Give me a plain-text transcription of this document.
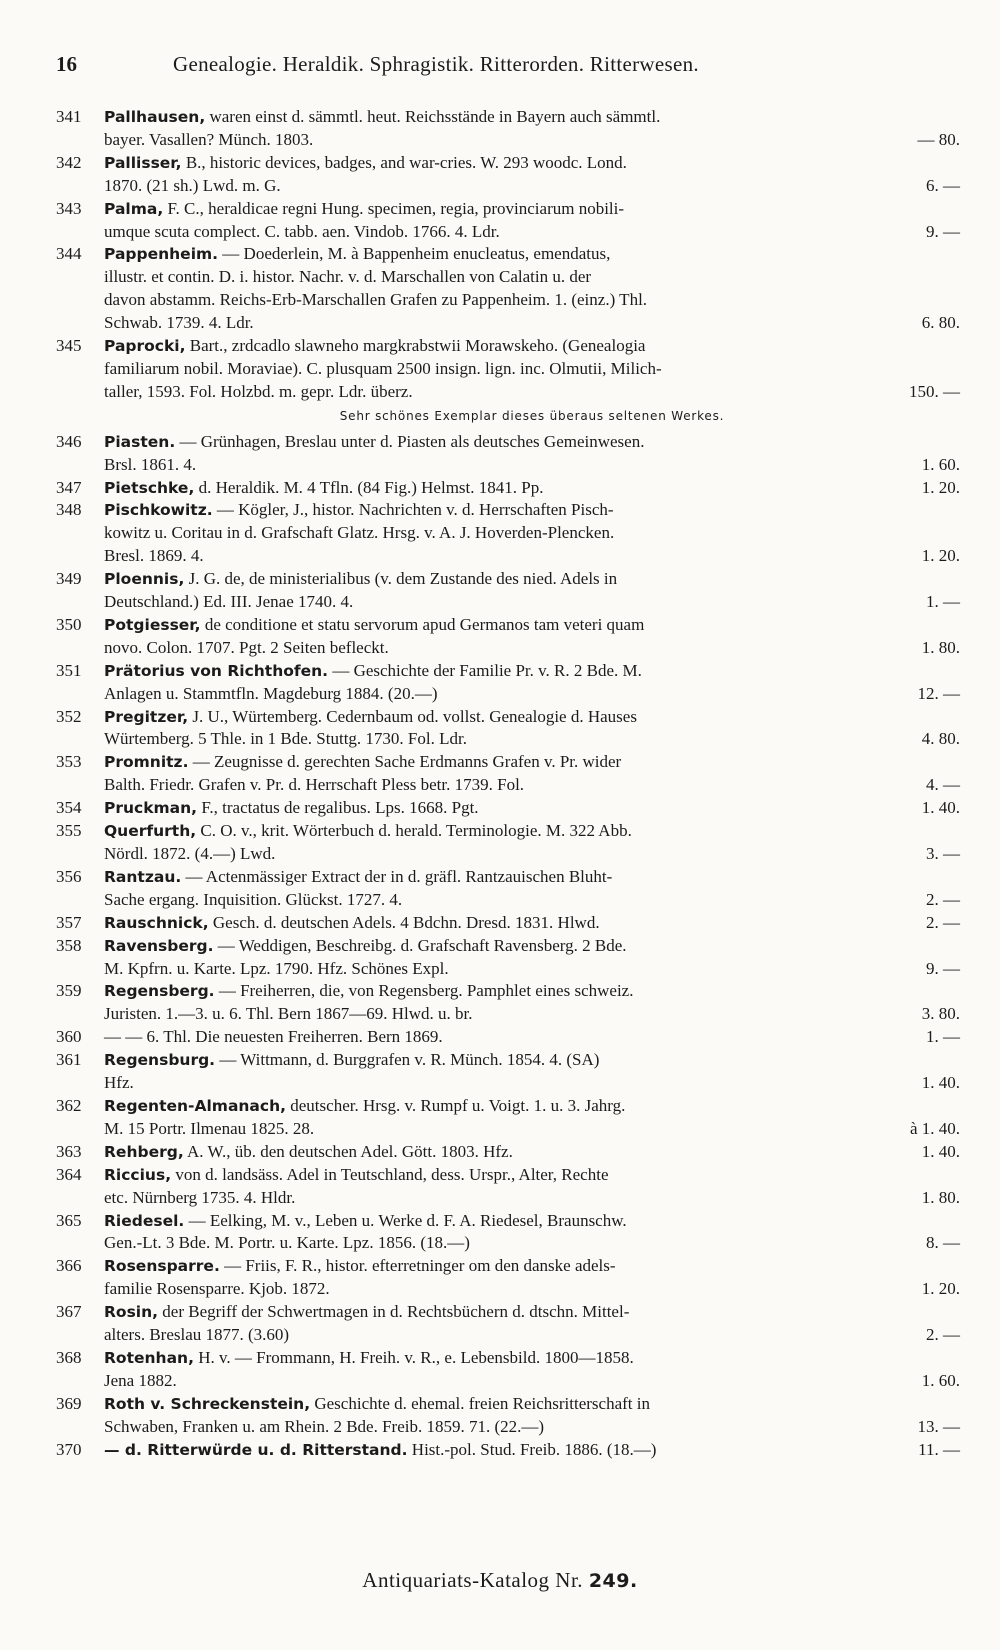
16	Genealogie. Heraldik. Sphragistik. Ritterorden. Ritterwesen.
341	Pallhausen, waren einst d. sämmtl. heut. Reichsstände in Bayern auch sämmtl.
bayer. Vasallen? Münch. 1803.	— 80.
342	Pallisser, B., historic devices, badges, and war-cries. W. 293 woodc. Lond.
1870. (21 sh.) Lwd. m. G.	6. —
343	Palma, F. C., heraldicae regni Hung. specimen, regia, provinciarum nobili-
umque scuta complect. C. tabb. aen. Vindob. 1766. 4. Ldr.	9. —
344	Pappenheim. — Doederlein, M. à Bappenheim enucleatus, emendatus,
illustr. et contin. D. i. histor. Nachr. v. d. Marschallen von Calatin u. der
davon abstamm. Reichs-Erb-Marschallen Grafen zu Pappenheim. 1. (einz.) Thl.
Schwab. 1739. 4. Ldr.	6. 80.
345	Paprocki, Bart., zrdcadlo slawneho margkrabstwii Morawskeho. (Genealogia
familiarum nobil. Moraviae). C. plusquam 2500 insign. lign. inc. Olmutii, Milich-
taller, 1593. Fol. Holzbd. m. gepr. Ldr. überz.	150. —
Sehr schönes Exemplar dieses überaus seltenen Werkes.
346	Piasten. — Grünhagen, Breslau unter d. Piasten als deutsches Gemeinwesen.
Brsl. 1861. 4.	1. 60.
347	Pietschke, d. Heraldik. M. 4 Tfln. (84 Fig.) Helmst. 1841. Pp.	1. 20.
348	Pischkowitz. — Kögler, J., histor. Nachrichten v. d. Herrschaften Pisch-
kowitz u. Coritau in d. Grafschaft Glatz. Hrsg. v. A. J. Hoverden-Plencken.
Bresl. 1869. 4.	1. 20.
349	Ploennis, J. G. de, de ministerialibus (v. dem Zustande des nied. Adels in
Deutschland.) Ed. III. Jenae 1740. 4.	1. —
350	Potgiesser, de conditione et statu servorum apud Germanos tam veteri quam
novo. Colon. 1707. Pgt. 2 Seiten befleckt.	1. 80.
351	Prätorius von Richthofen. — Geschichte der Familie Pr. v. R. 2 Bde. M.
Anlagen u. Stammtfln. Magdeburg 1884. (20.—)	12. —
352	Pregitzer, J. U., Würtemberg. Cedernbaum od. vollst. Genealogie d. Hauses
Würtemberg. 5 Thle. in 1 Bde. Stuttg. 1730. Fol. Ldr.	4. 80.
353	Promnitz. — Zeugnisse d. gerechten Sache Erdmanns Grafen v. Pr. wider
Balth. Friedr. Grafen v. Pr. d. Herrschaft Pless betr. 1739. Fol.	4. —
354	Pruckman, F., tractatus de regalibus. Lps. 1668. Pgt.	1. 40.
355	Querfurth, C. O. v., krit. Wörterbuch d. herald. Terminologie. M. 322 Abb.
Nördl. 1872. (4.—) Lwd.	3. —
356	Rantzau. — Actenmässiger Extract der in d. gräfl. Rantzauischen Bluht-
Sache ergang. Inquisition. Glückst. 1727. 4.	2. —
357	Rauschnick, Gesch. d. deutschen Adels. 4 Bdchn. Dresd. 1831. Hlwd.	2. —
358	Ravensberg. — Weddigen, Beschreibg. d. Grafschaft Ravensberg. 2 Bde.
M. Kpfrn. u. Karte. Lpz. 1790. Hfz. Schönes Expl.	9. —
359	Regensberg. — Freiherren, die, von Regensberg. Pamphlet eines schweiz.
Juristen. 1.—3. u. 6. Thl. Bern 1867—69. Hlwd. u. br.	3. 80.
360	— — 6. Thl. Die neuesten Freiherren. Bern 1869.	1. —
361	Regensburg. — Wittmann, d. Burggrafen v. R. Münch. 1854. 4. (SA)
Hfz.	1. 40.
362	Regenten-Almanach, deutscher. Hrsg. v. Rumpf u. Voigt. 1. u. 3. Jahrg.
M. 15 Portr. Ilmenau 1825. 28.	à 1. 40.
363	Rehberg, A. W., üb. den deutschen Adel. Gött. 1803. Hfz.	1. 40.
364	Riccius, von d. landsäss. Adel in Teutschland, dess. Urspr., Alter, Rechte
etc. Nürnberg 1735. 4. Hldr.	1. 80.
365	Riedesel. — Eelking, M. v., Leben u. Werke d. F. A. Riedesel, Braunschw.
Gen.-Lt. 3 Bde. M. Portr. u. Karte. Lpz. 1856. (18.—)	8. —
366	Rosensparre. — Friis, F. R., histor. efterretninger om den danske adels-
familie Rosensparre. Kjob. 1872.	1. 20.
367	Rosin, der Begriff der Schwertmagen in d. Rechtsbüchern d. dtschn. Mittel-
alters. Breslau 1877. (3.60)	2. —
368	Rotenhan, H. v. — Frommann, H. Freih. v. R., e. Lebensbild. 1800—1858.
Jena 1882.	1. 60.
369	Roth v. Schreckenstein, Geschichte d. ehemal. freien Reichsritterschaft in
Schwaben, Franken u. am Rhein. 2 Bde. Freib. 1859. 71. (22.—)	13. —
370	— d. Ritterwürde u. d. Ritterstand. Hist.-pol. Stud. Freib. 1886. (18.—)	11. —
Antiquariats-Katalog Nr. 249.
